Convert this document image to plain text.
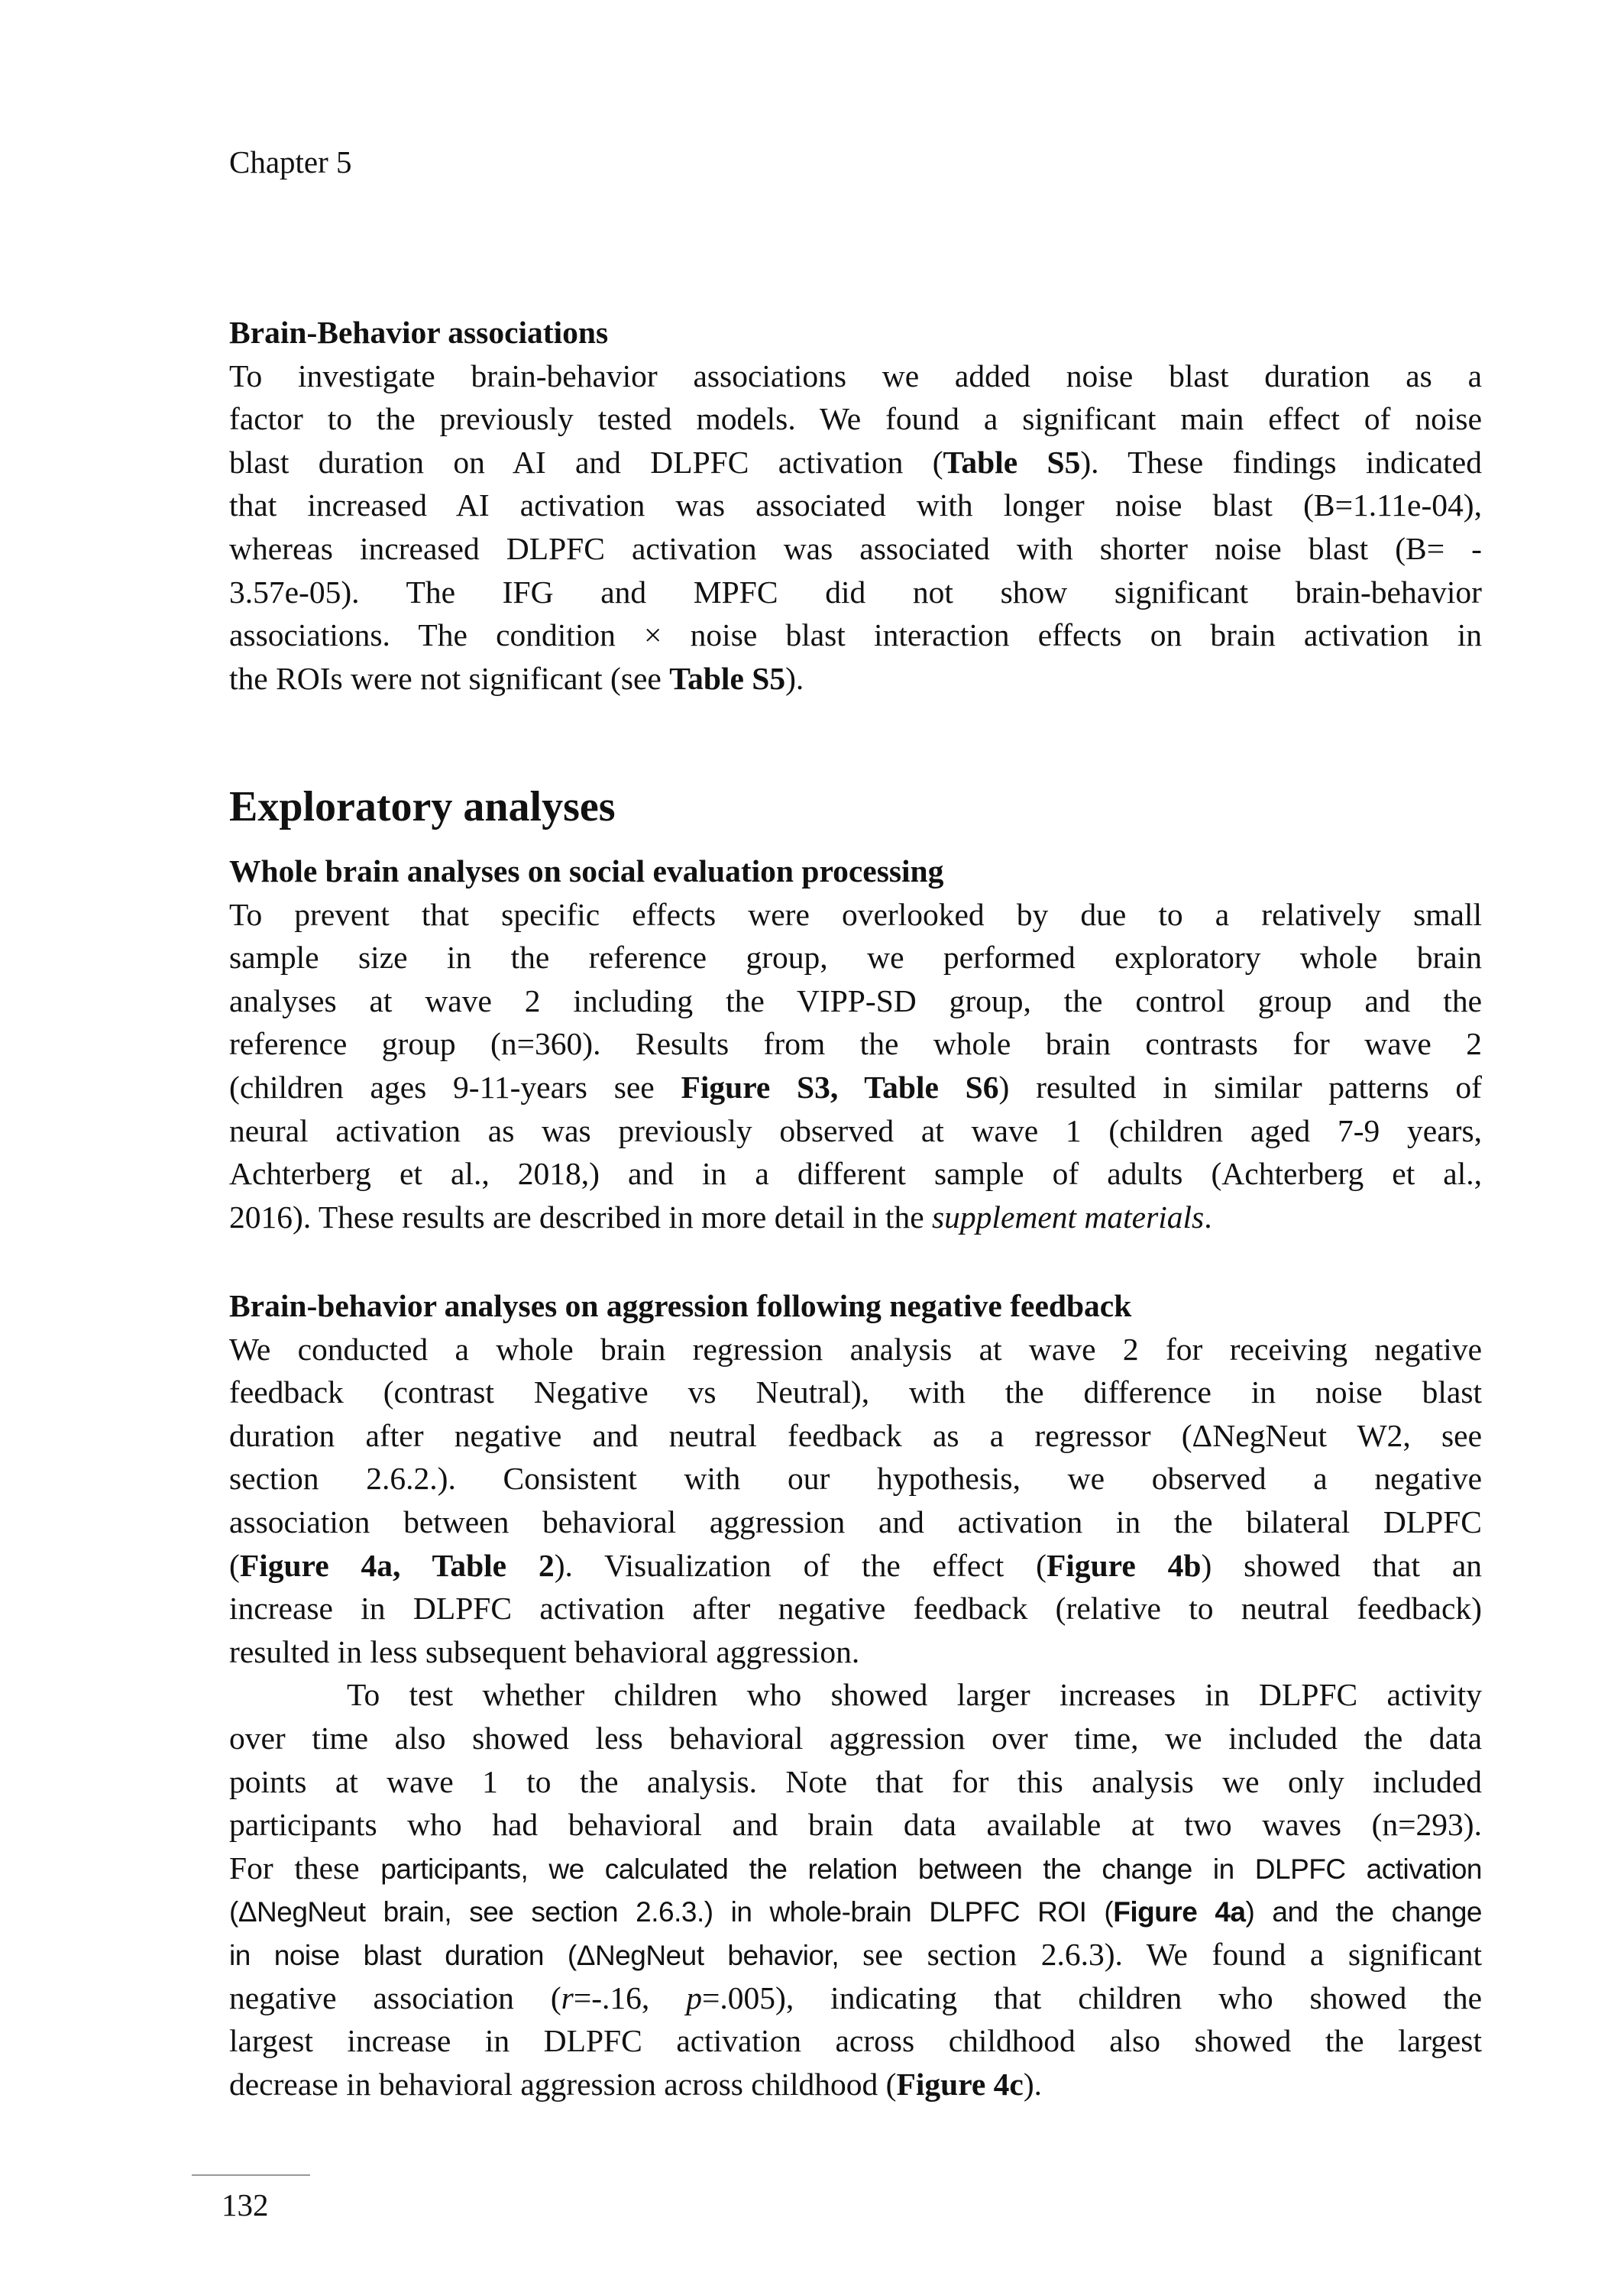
Chapter 5
Brain-Behavior associations
To investigate brain-behavior associations we added noise blast duration as a
factor to the previously tested models. We found a significant main effect of noise
blast duration on AI and DLPFC activation (Table S5). These findings indicated
that increased AI activation was associated with longer noise blast (B=1.11e-04),
whereas increased DLPFC activation was associated with shorter noise blast (B= -
3.57e-05). The IFG and MPFC did not show significant brain-behavior
associations. The condition × noise blast interaction effects on brain activation in
the ROIs were not significant (see Table S5).
Exploratory analyses
Whole brain analyses on social evaluation processing
To prevent that specific effects were overlooked by due to a relatively small
sample size in the reference group, we performed exploratory whole brain
analyses at wave 2 including the VIPP-SD group, the control group and the
reference group (n=360). Results from the whole brain contrasts for wave 2
(children ages 9-11-years see Figure S3, Table S6) resulted in similar patterns of
neural activation as was previously observed at wave 1 (children aged 7-9 years,
Achterberg et al., 2018,) and in a different sample of adults (Achterberg et al.,
2016). These results are described in more detail in the supplement materials.
Brain-behavior analyses on aggression following negative feedback
We conducted a whole brain regression analysis at wave 2 for receiving negative
feedback (contrast Negative vs Neutral), with the difference in noise blast
duration after negative and neutral feedback as a regressor (ΔNegNeut W2, see
section 2.6.2.). Consistent with our hypothesis, we observed a negative
association between behavioral aggression and activation in the bilateral DLPFC
(Figure 4a, Table 2). Visualization of the effect (Figure 4b) showed that an
increase in DLPFC activation after negative feedback (relative to neutral feedback)
resulted in less subsequent behavioral aggression.
To test whether children who showed larger increases in DLPFC activity
over time also showed less behavioral aggression over time, we included the data
points at wave 1 to the analysis. Note that for this analysis we only included
participants who had behavioral and brain data available at two waves (n=293).
For these participants, we calculated the relation between the change in DLPFC activation
(ΔNegNeut brain, see section 2.6.3.) in whole-brain DLPFC ROI (Figure 4a) and the change
in noise blast duration (ΔNegNeut behavior, see section 2.6.3). We found a significant
negative association (r=-.16, p=.005), indicating that children who showed the
largest increase in DLPFC activation across childhood also showed the largest
decrease in behavioral aggression across childhood (Figure 4c).
132
